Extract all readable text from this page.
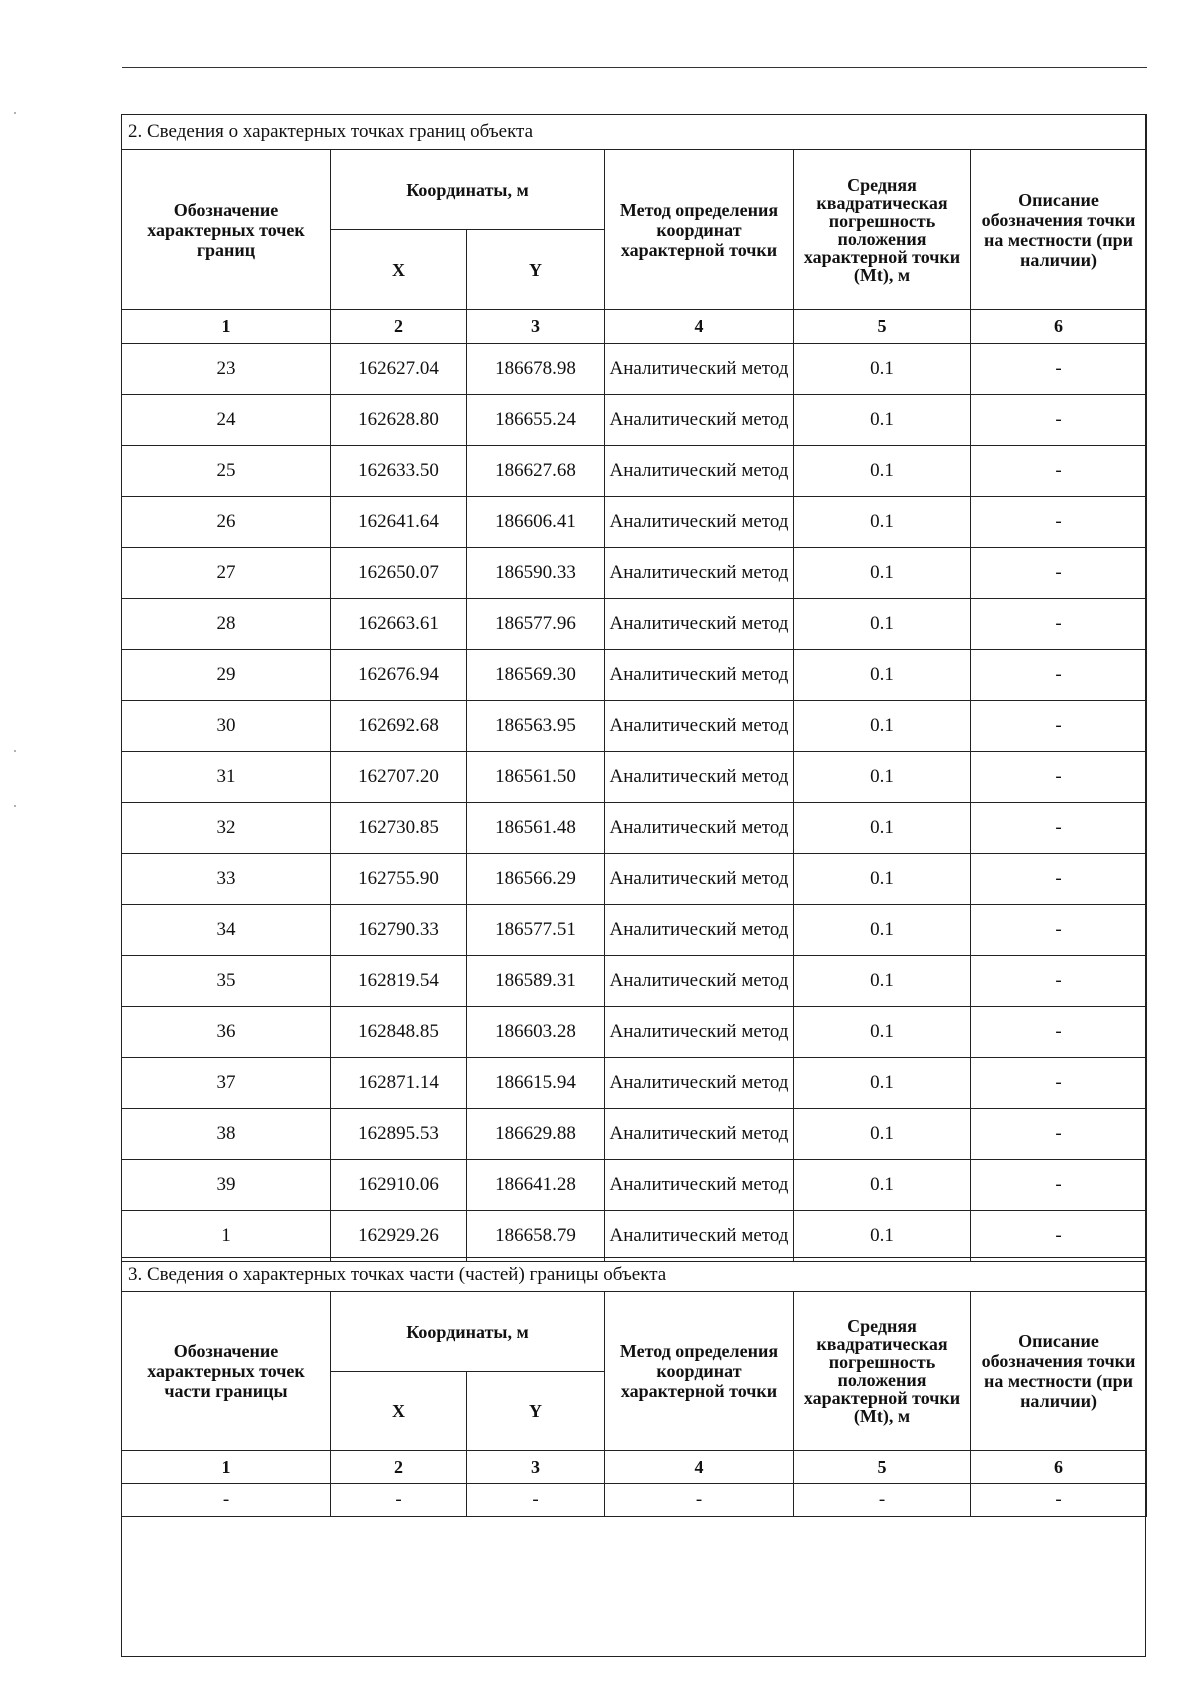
2. Сведения о характерных точках границ объекта					
Обозначение характерных точек границ	Координаты, м		Метод определения координат характерной точки	Средняя квадратическая погрешность положения характерной точки (Mt), м	Описание обозначения точки на местности (при наличии)
	X	Y			
1	2	3	4	5	6
23	162627.04	186678.98	Аналитический метод	0.1	-
24	162628.80	186655.24	Аналитический метод	0.1	-
25	162633.50	186627.68	Аналитический метод	0.1	-
26	162641.64	186606.41	Аналитический метод	0.1	-
27	162650.07	186590.33	Аналитический метод	0.1	-
28	162663.61	186577.96	Аналитический метод	0.1	-
29	162676.94	186569.30	Аналитический метод	0.1	-
30	162692.68	186563.95	Аналитический метод	0.1	-
31	162707.20	186561.50	Аналитический метод	0.1	-
32	162730.85	186561.48	Аналитический метод	0.1	-
33	162755.90	186566.29	Аналитический метод	0.1	-
34	162790.33	186577.51	Аналитический метод	0.1	-
35	162819.54	186589.31	Аналитический метод	0.1	-
36	162848.85	186603.28	Аналитический метод	0.1	-
37	162871.14	186615.94	Аналитический метод	0.1	-
38	162895.53	186629.88	Аналитический метод	0.1	-
39	162910.06	186641.28	Аналитический метод	0.1	-
1	162929.26	186658.79	Аналитический метод	0.1	-
3. Сведения о характерных точках части (частей) границы объекта					
Обозначение характерных точек части границы	Координаты, м		Метод определения координат характерной точки	Средняя квадратическая погрешность положения характерной точки (Mt), м	Описание обозначения точки на местности (при наличии)
	X	Y			
1	2	3	4	5	6
-	-	-	-	-	-
